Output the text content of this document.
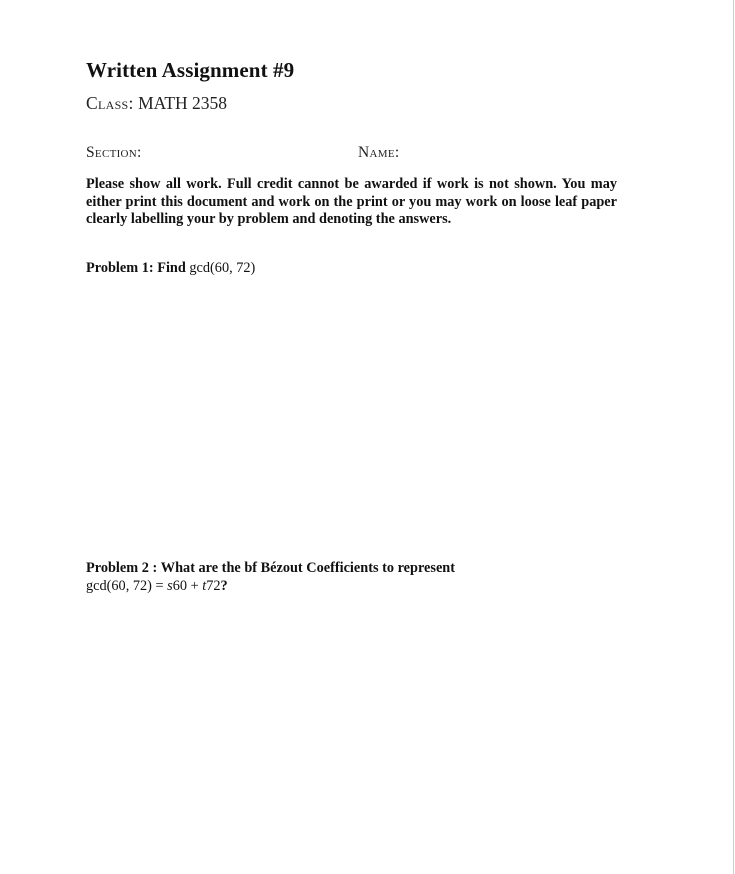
Written Assignment #9
Class: MATH 2358
Section:	Name:
Please show all work. Full credit cannot be awarded if work is not shown. You may either print this document and work on the print or you may work on loose leaf paper clearly labelling your by problem and denoting the answers.
Problem 1: Find gcd(60, 72)
Problem 2 : What are the bf Bézout Coefficients to represent
gcd(60, 72) = s60 + t72?
